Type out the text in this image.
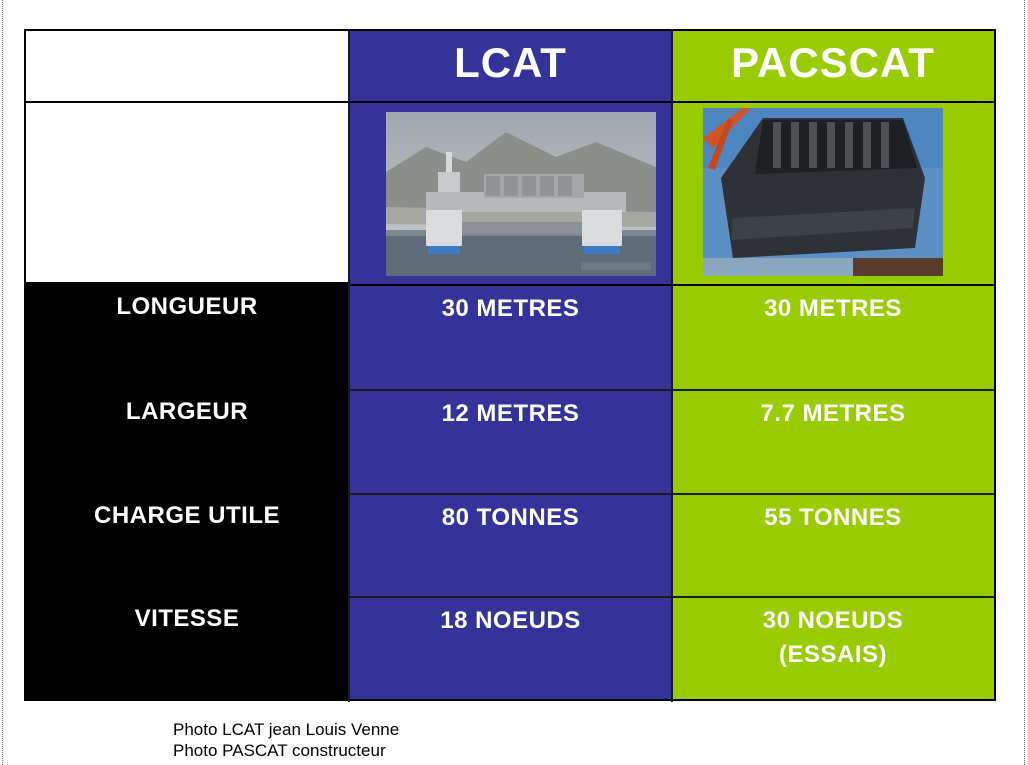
LCAT	PACSCAT
LONGUEUR
LARGEUR
CHARGE UTILE
VITESSE
30 METRES
12 METRES
80 TONNES
18 NOEUDS
30 METRES
7.7 METRES
55 TONNES
30 NOEUDS
(ESSAIS)
Photo LCAT jean Louis Venne
Photo PASCAT constructeur
